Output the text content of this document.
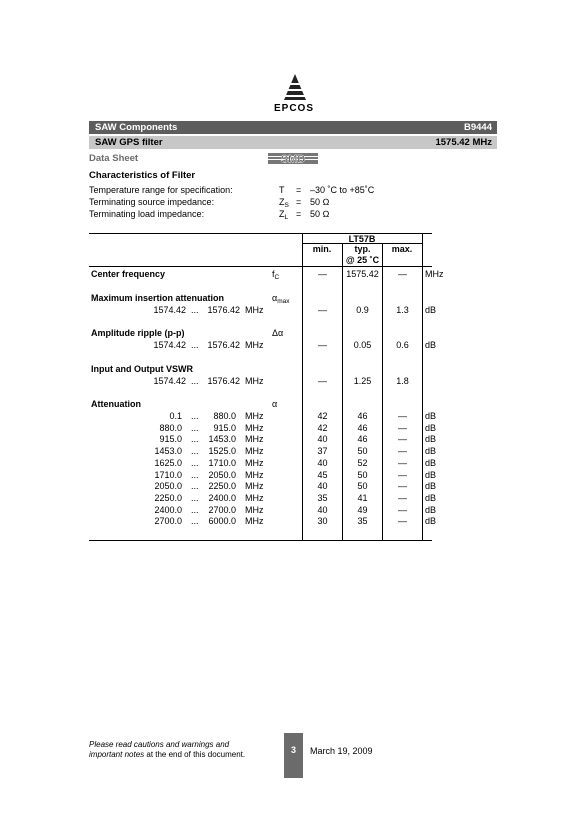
EPCOS
SAW Components	B9444
SAW GPS filter	1575.42 MHz
Data Sheet	SMD
Characteristics of Filter
Temperature range for specification:	T	= –30 ˚C to +85˚C
Terminating source impedance:	$Z_S = 50$ Ω
Terminating load impedance:	$Z_L = 50$ Ω
LT57B
min.	typ.
@ 25 ˚C
max.
Center frequency	$f_C$	—	1575.42	—	MHz
Maximum insertion attenuation	$\alpha_{max}$
1574.42 ... 1576.42 MHz	—	0.9	1.3	dB
Amplitude ripple (p-p)	Δα
1574.42 ... 1576.42 MHz	—	0.05	0.6	dB
Input and Output VSWR
1574.42 ... 1576.42 MHz	—	1.25	1.8
Attenuation	α
0.1 ...	880.0 MHz	42	46	—	dB
880.0 ...	915.0 MHz	42	46	—	dB
915.0 ...	1453.0 MHz	40	46	—	dB
1453.0 ...	1525.0 MHz	37	50	—	dB
1625.0 ...	1710.0 MHz	40	52	—	dB
1710.0 ...	2050.0 MHz	45	50	—	dB
2050.0 ...	2250.0 MHz	40	50	—	dB
2250.0 ...	2400.0 MHz	35	41	—	dB
2400.0 ...	2700.0 MHz	40	49	—	dB
2700.0 ...	6000.0 MHz	30	35	—	dB
Please read cautions and warnings and
important notes at the end of this document.	3	March 19, 2009
